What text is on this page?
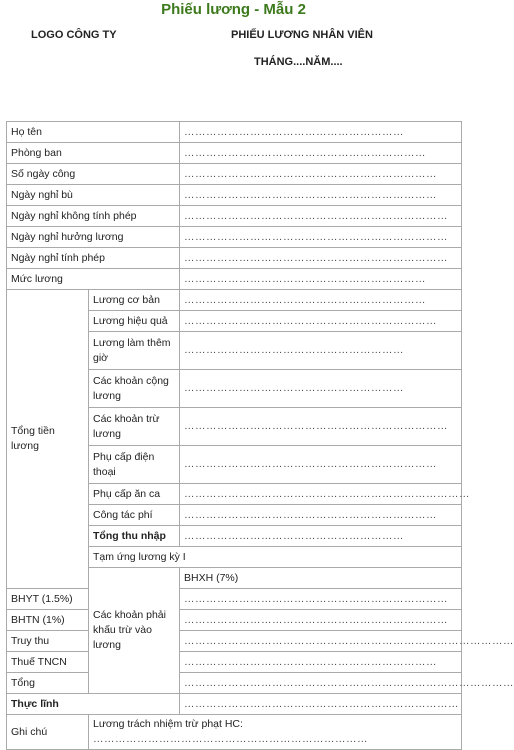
Phiếu lương - Mẫu 2
LOGO CÔNG TY	PHIẾU LƯƠNG NHÂN VIÊN
THÁNG....NĂM....
Họ tên		……………………………………………………	
Phòng ban		…………………………………………………………	
Số ngày công		……………………………………………………………	
Ngày nghỉ bù		……………………………………………………………	
Ngày nghỉ không tính phép		………………………………………………………………	
Ngày nghỉ hưởng lương		………………………………………………………………	
Ngày nghỉ tính phép		………………………………………………………………	
Mức lương		…………………………………………………………	
Tổng tiền lương	Lương cơ bản	…………………………………………………………	
	Lương hiệu quả	……………………………………………………………	
	Lương làm thêm giờ	……………………………………………………	
	Các khoản cộng lương	……………………………………………………	
	Các khoản trừ lương	………………………………………………………………	
	Phụ cấp điện thoại	……………………………………………………………	
	Phụ cấp ăn ca	……………………………………………………………………	
	Công tác phí	……………………………………………………………	
	Tổng thu nhập	……………………………………………………	
	Tạm ứng lương kỳ I	
	Các khoản phải khấu trừ vào lương	BHXH (7%)	
BHYT (1.5%)		………………………………………………………………	
BHTN (1%)		………………………………………………………………	
Truy thu		………………………………………………………………………………	
Thuế TNCN		……………………………………………………………	
Tổng		………………………………………………………………………………	
Thực lĩnh		…………………………………………………………………	
Ghi chú	Lương trách nhiệm trừ phạt HC:
…………………………………………………………………		
